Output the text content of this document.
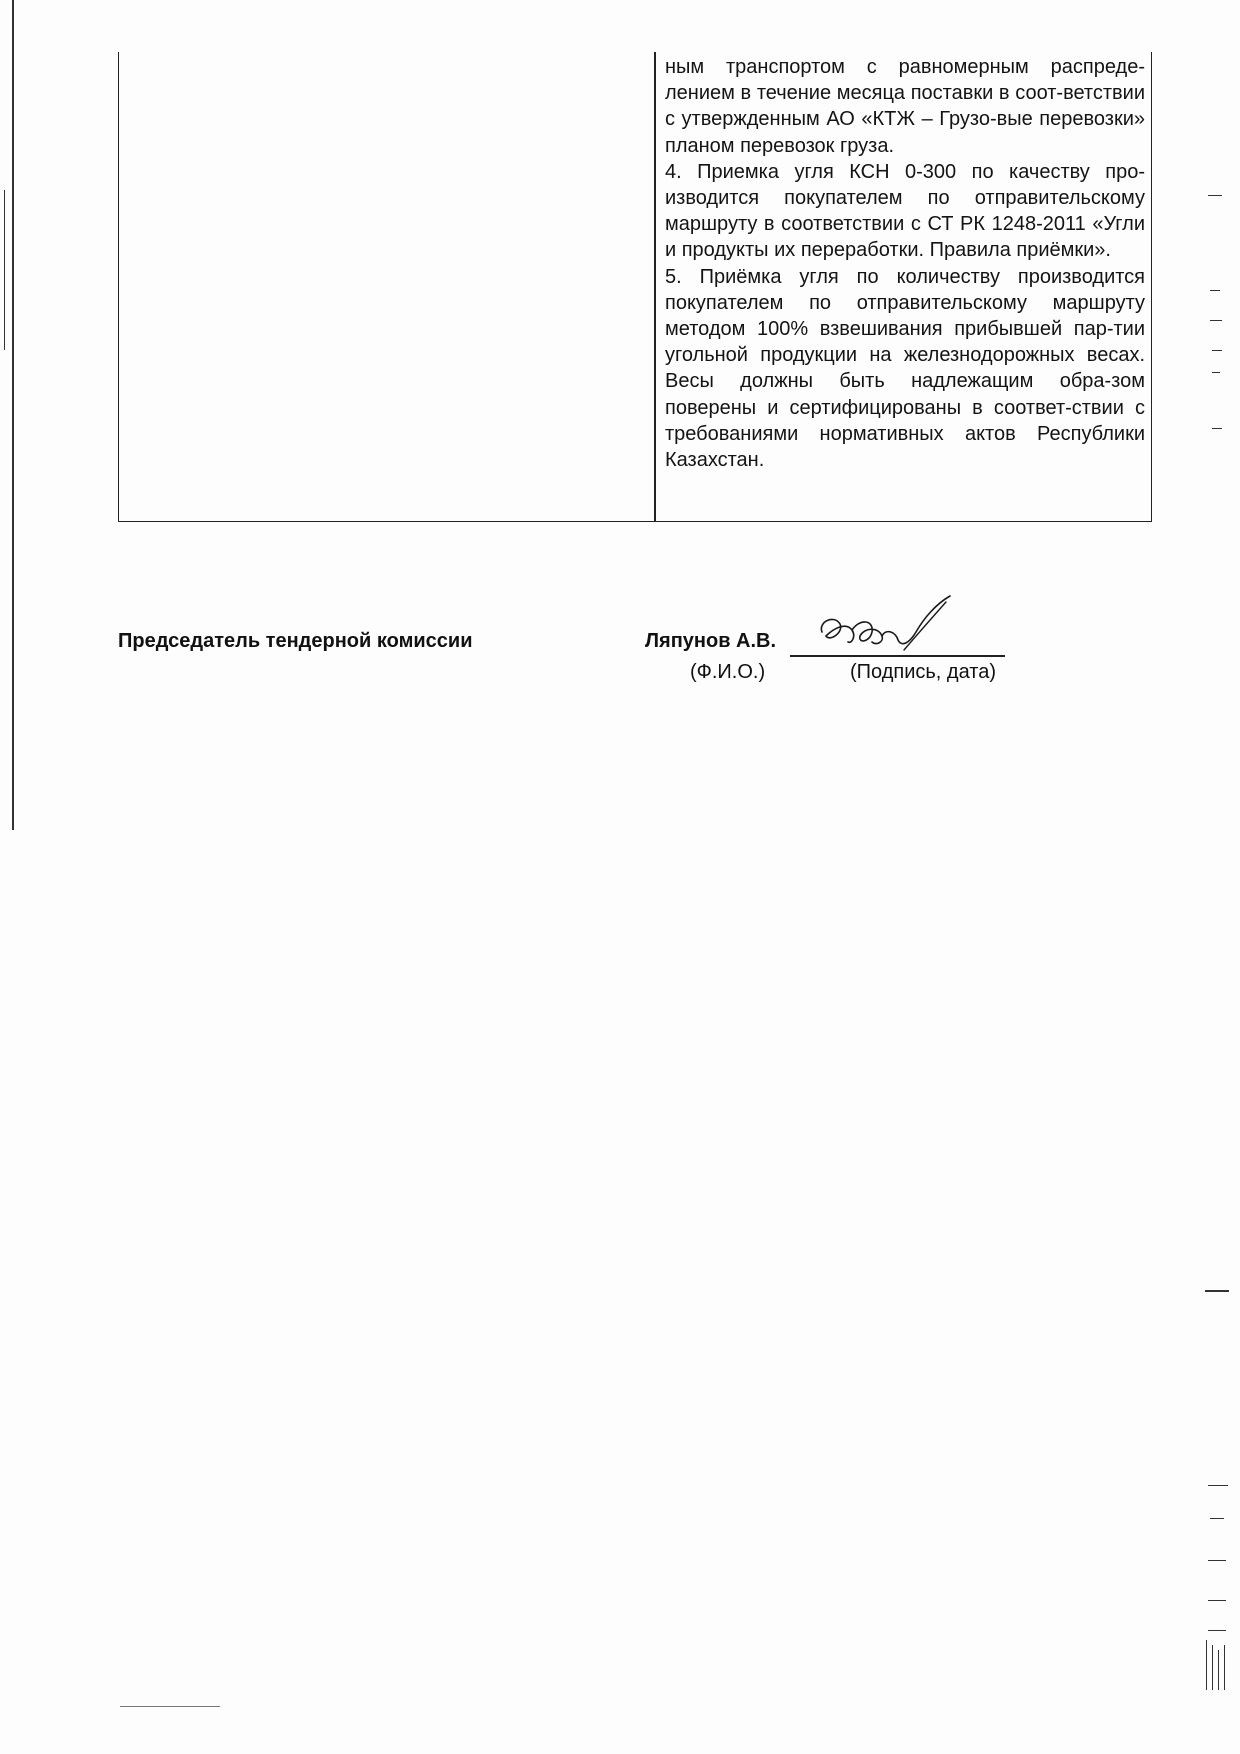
ным транспортом с равномерным распреде-лением в течение месяца поставки в соот-ветствии с утвержденным АО «КТЖ – Грузо-вые перевозки» планом перевозок груза.

4. Приемка угля КСН 0-300 по качеству про-изводится покупателем по отправительскому маршруту в соответствии с СТ РК 1248-2011 «Угли и продукты их переработки. Правила приёмки».

5. Приёмка угля по количеству производится покупателем по отправительскому маршруту методом 100% взвешивания прибывшей пар-тии угольной продукции на железнодорожных весах. Весы должны быть надлежащим обра-зом поверены и сертифицированы в соответ-ствии с требованиями нормативных актов Республики Казахстан.

Председатель тендерной комиссии	Ляпунов А.В.
(Ф.И.О.)	(Подпись, дата)
